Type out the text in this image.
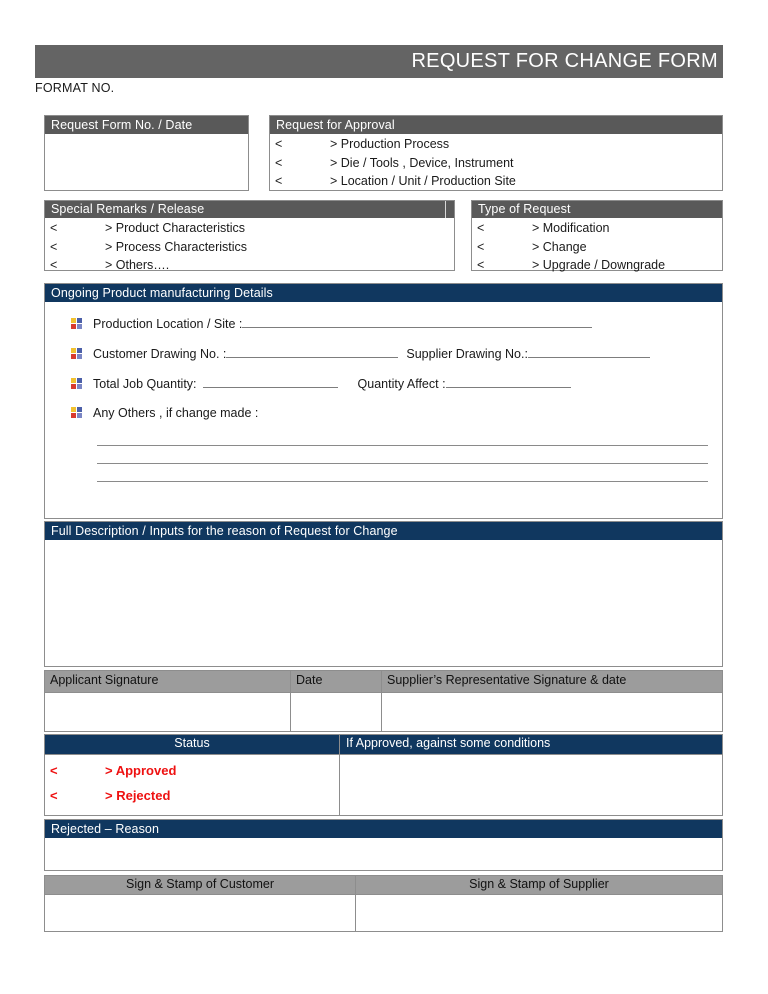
REQUEST FOR CHANGE FORM
FORMAT NO.
Request Form No. / Date	Request for Approval
<	> Production Process
<	> Die / Tools , Device, Instrument
<	> Location / Unit / Production Site
Special Remarks / Release
<	> Product Characteristics
<	> Process Characteristics
<	> Others….
Type of Request
<	> Modification
<	> Change
<	> Upgrade / Downgrade
Ongoing Product manufacturing Details
Production Location / Site :
Customer Drawing No. :	Supplier Drawing No.:
Total Job Quantity:	Quantity Affect :
Any Others , if change made :
Full Description / Inputs for the reason of Request for Change
Applicant Signature	Date	Supplier’s Representative Signature & date

Status	If Approved, against some conditions

< > Approved
< > Rejected	

Rejected – Reason
Sign & Stamp of Customer	Sign & Stamp of Supplier
